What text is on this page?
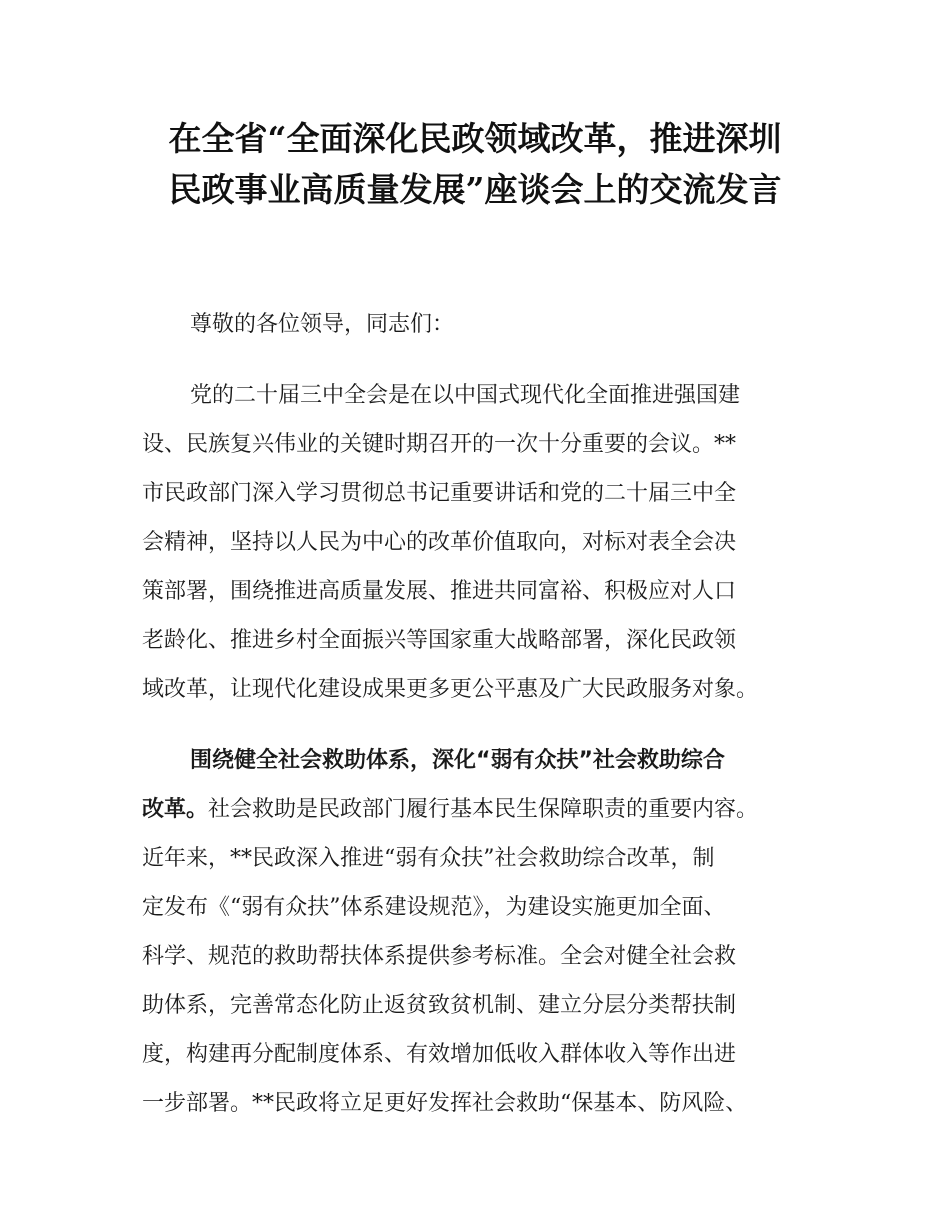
在全省“全面深化民政领域改革，推进深圳
民政事业高质量发展”座谈会上的交流发言

尊敬的各位领导，同志们：

党的二十届三中全会是在以中国式现代化全面推进强国建
设、民族复兴伟业的关键时期召开的一次十分重要的会议。**
市民政部门深入学习贯彻总书记重要讲话和党的二十届三中全
会精神，坚持以人民为中心的改革价值取向，对标对表全会决
策部署，围绕推进高质量发展、推进共同富裕、积极应对人口
老龄化、推进乡村全面振兴等国家重大战略部署，深化民政领
域改革，让现代化建设成果更多更公平惠及广大民政服务对象。

围绕健全社会救助体系，深化“弱有众扶”社会救助综合
改革。社会救助是民政部门履行基本民生保障职责的重要内容。
近年来，**民政深入推进“弱有众扶”社会救助综合改革，制
定发布《“弱有众扶”体系建设规范》，为建设实施更加全面、
科学、规范的救助帮扶体系提供参考标准。全会对健全社会救
助体系，完善常态化防止返贫致贫机制、建立分层分类帮扶制
度，构建再分配制度体系、有效增加低收入群体收入等作出进
一步部署。**民政将立足更好发挥社会救助“保基本、防风险、
